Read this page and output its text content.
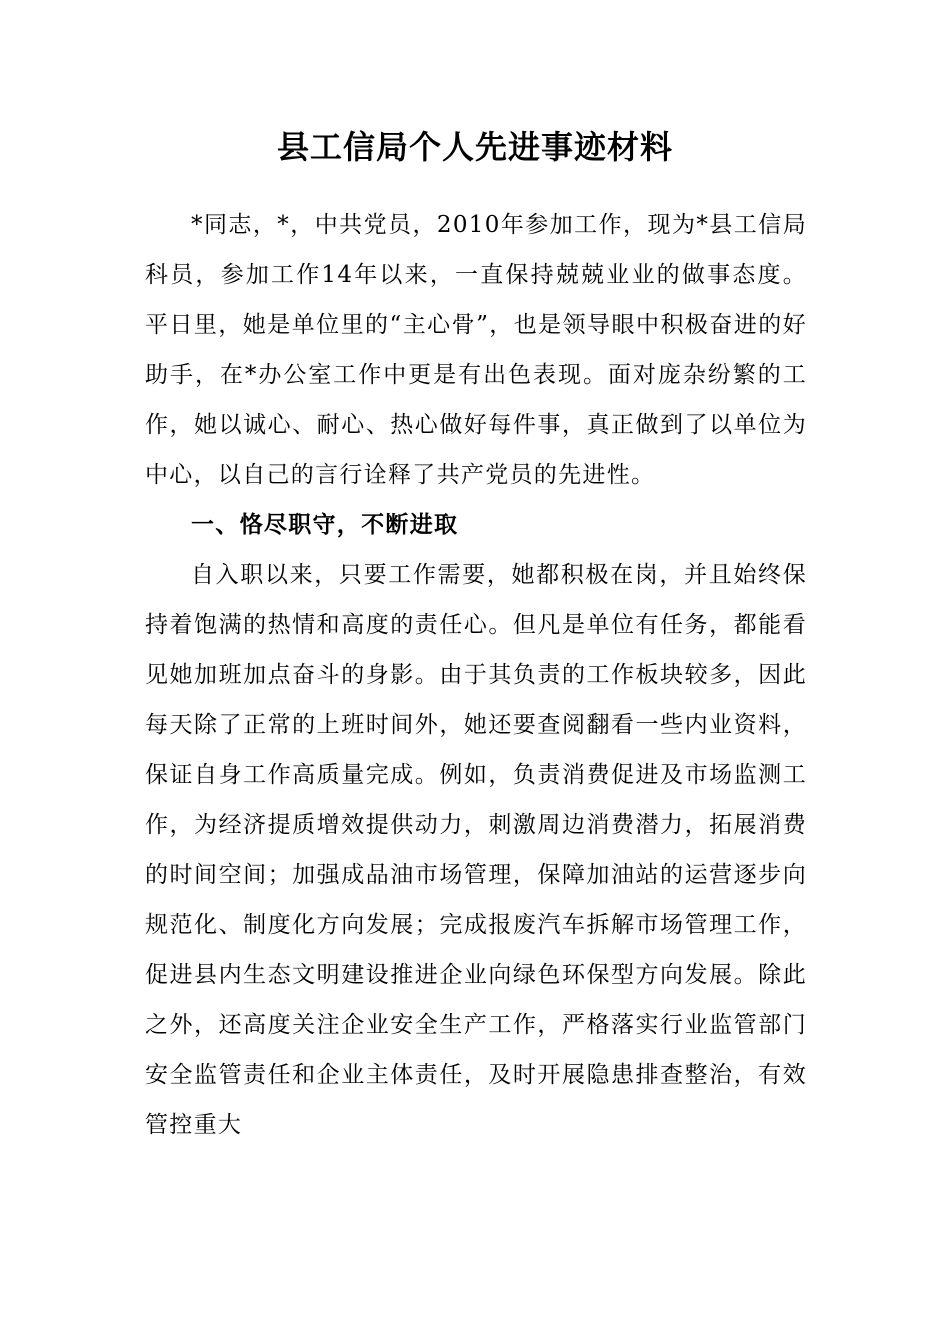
县工信局个人先进事迹材料

*同志，*，中共党员，2010年参加工作，现为*县工信局科员，参加工作14年以来，一直保持兢兢业业的做事态度。平日里，她是单位里的“主心骨”，也是领导眼中积极奋进的好助手，在*办公室工作中更是有出色表现。面对庞杂纷繁的工作，她以诚心、耐心、热心做好每件事，真正做到了以单位为中心，以自己的言行诠释了共产党员的先进性。

一、恪尽职守，不断进取

自入职以来，只要工作需要，她都积极在岗，并且始终保持着饱满的热情和高度的责任心。但凡是单位有任务，都能看见她加班加点奋斗的身影。由于其负责的工作板块较多，因此每天除了正常的上班时间外，她还要查阅翻看一些内业资料，保证自身工作高质量完成。例如，负责消费促进及市场监测工作，为经济提质增效提供动力，刺激周边消费潜力，拓展消费的时间空间；加强成品油市场管理，保障加油站的运营逐步向规范化、制度化方向发展；完成报废汽车拆解市场管理工作，促进县内生态文明建设推进企业向绿色环保型方向发展。除此之外，还高度关注企业安全生产工作，严格落实行业监管部门安全监管责任和企业主体责任，及时开展隐患排查整治，有效管控重大
